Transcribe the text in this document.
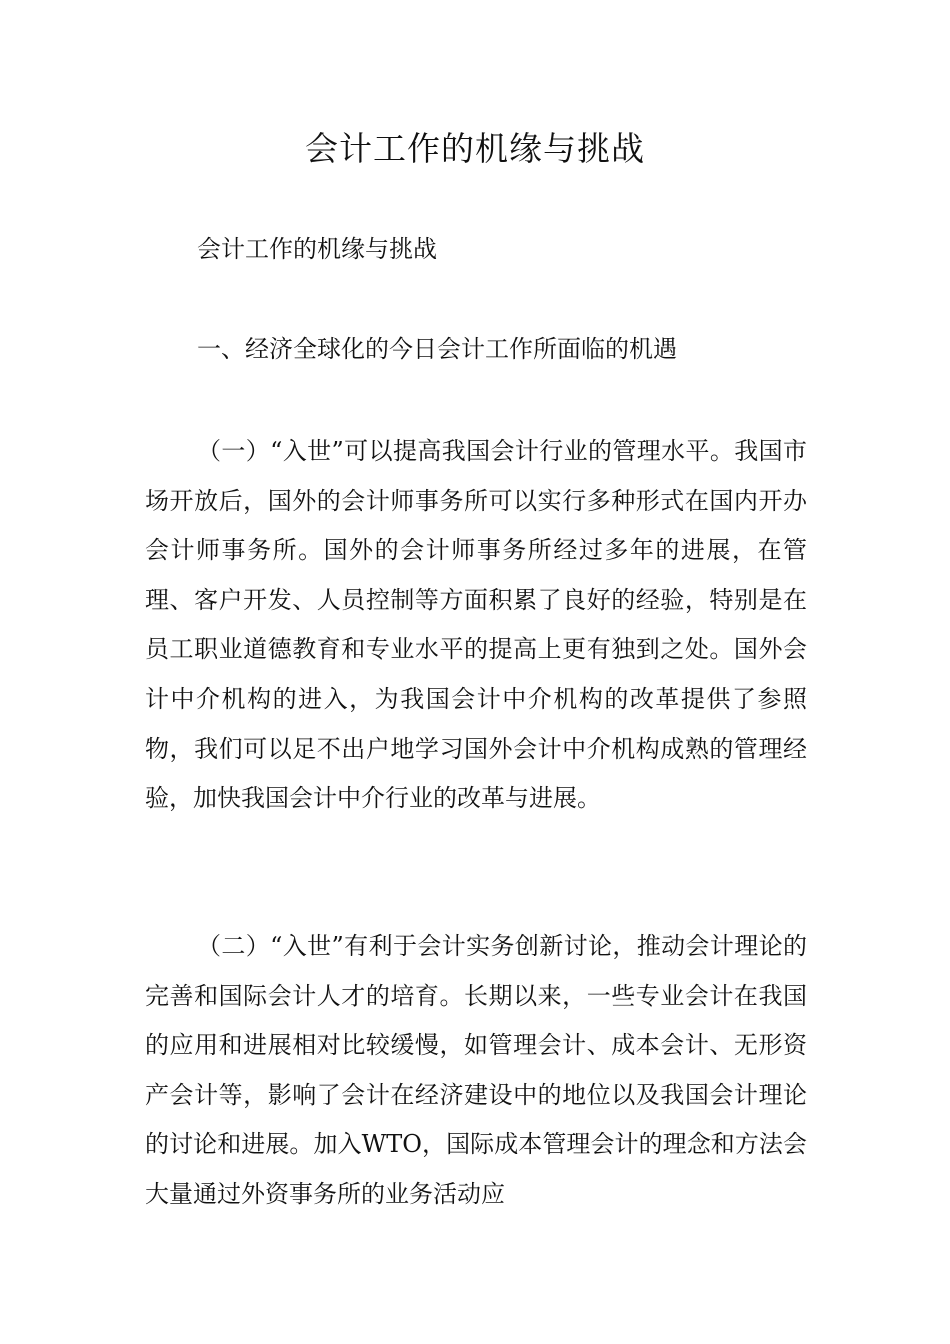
会计工作的机缘与挑战

会计工作的机缘与挑战

一、经济全球化的今日会计工作所面临的机遇

（一）“入世”可以提高我国会计行业的管理水平。我国市场开放后，国外的会计师事务所可以实行多种形式在国内开办会计师事务所。国外的会计师事务所经过多年的进展，在管理、客户开发、人员控制等方面积累了良好的经验，特别是在员工职业道德教育和专业水平的提高上更有独到之处。国外会计中介机构的进入，为我国会计中介机构的改革提供了参照物，我们可以足不出户地学习国外会计中介机构成熟的管理经验，加快我国会计中介行业的改革与进展。

（二）“入世”有利于会计实务创新讨论，推动会计理论的完善和国际会计人才的培育。长期以来，一些专业会计在我国的应用和进展相对比较缓慢，如管理会计、成本会计、无形资产会计等，影响了会计在经济建设中的地位以及我国会计理论的讨论和进展。加入WTO，国际成本管理会计的理念和方法会大量通过外资事务所的业务活动应
